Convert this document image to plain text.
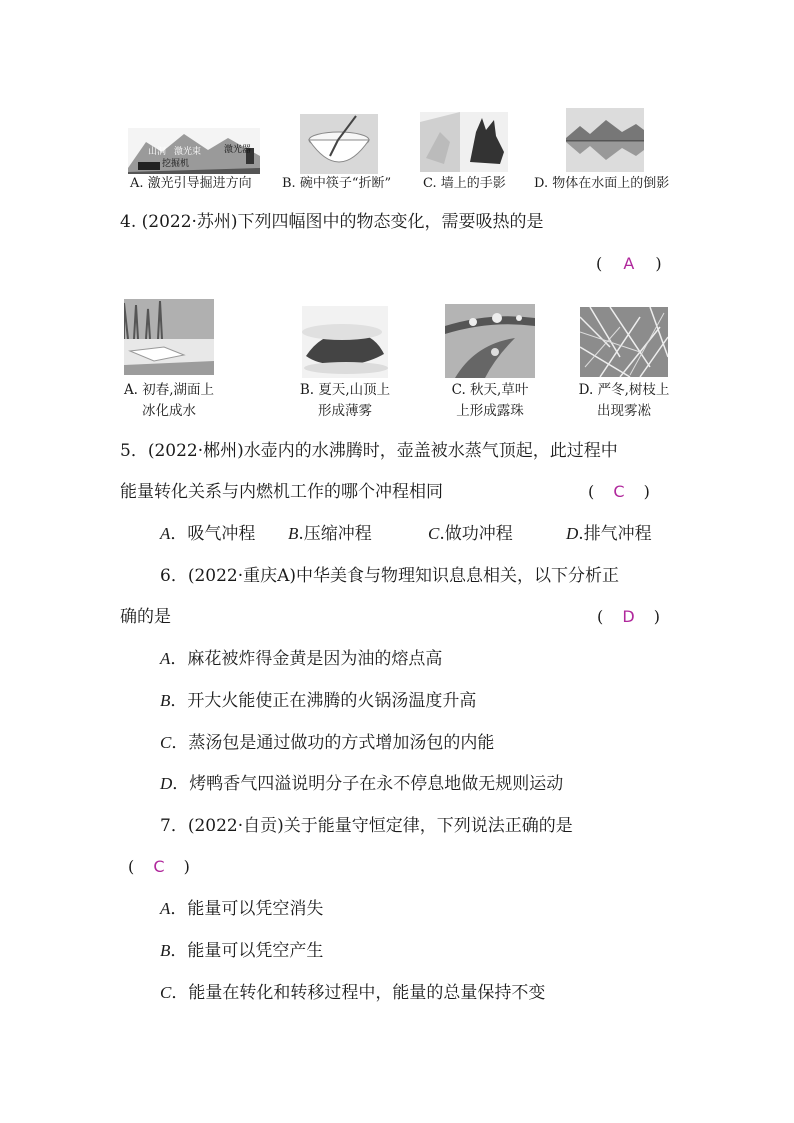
山洞 激光束	激光器
挖掘机
A. 激光引导掘进方向 B. 碗中筷子“折断” C. 墙上的手影 D. 物体在水面上的倒影
4. (2022·苏州)下列四幅图中的物态变化，需要吸热的是
( A )
A. 初春,湖面上
冰化成水
B. 夏天,山顶上
形成薄雾
C. 秋天,草叶
上形成露珠
D. 严冬,树枝上
出现雾凇
5．(2022·郴州)水壶内的水沸腾时，壶盖被水蒸气顶起，此过程中
能量转化关系与内燃机工作的哪个冲程相同	( C )
A．吸气冲程 B.压缩冲程	C.做功冲程	D.排气冲程
6．(2022·重庆A)中华美食与物理知识息息相关，以下分析正
确的是	( D )
A．麻花被炸得金黄是因为油的熔点高
B．开大火能使正在沸腾的火锅汤温度升高
C．蒸汤包是通过做功的方式增加汤包的内能
D．烤鸭香气四溢说明分子在永不停息地做无规则运动
7．(2022·自贡)关于能量守恒定律，下列说法正确的是
( C )
A．能量可以凭空消失
B．能量可以凭空产生
C．能量在转化和转移过程中，能量的总量保持不变
